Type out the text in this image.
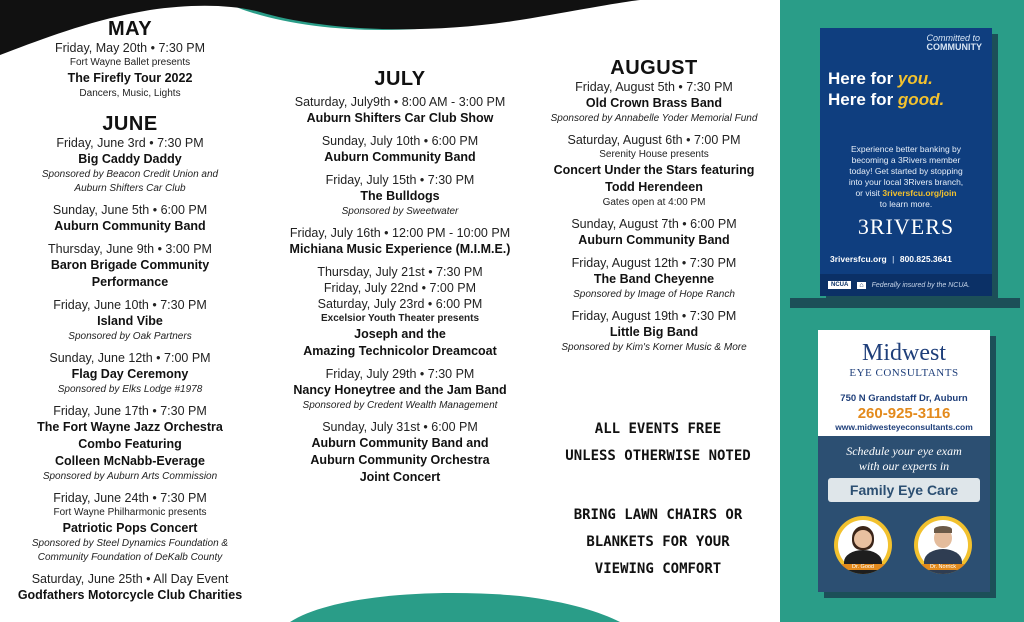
MAY
Friday, May 20th • 7:30 PM
Fort Wayne Ballet presents
The Firefly Tour 2022
Dancers, Music, Lights
JUNE
Friday, June 3rd • 7:30 PM
Big Caddy Daddy
Sponsored by Beacon Credit Union and
Auburn Shifters Car Club
Sunday, June 5th • 6:00 PM
Auburn Community Band
Thursday, June 9th • 3:00 PM
Baron Brigade Community
Performance
Friday, June 10th • 7:30 PM
Island Vibe
Sponsored by Oak Partners
Sunday, June 12th • 7:00 PM
Flag Day Ceremony
Sponsored by Elks Lodge #1978
Friday, June 17th • 7:30 PM
The Fort Wayne Jazz Orchestra
Combo Featuring
Colleen McNabb-Everage
Sponsored by Auburn Arts Commission
Friday, June 24th • 7:30 PM
Fort Wayne Philharmonic presents
Patriotic Pops Concert
Sponsored by Steel Dynamics Foundation &
Community Foundation of DeKalb County
Saturday, June 25th • All Day Event
Godfathers Motorcycle Club Charities
JULY
Saturday, July9th • 8:00 AM - 3:00 PM
Auburn Shifters Car Club Show
Sunday, July 10th • 6:00 PM
Auburn Community Band
Friday, July 15th • 7:30 PM
The Bulldogs
Sponsored by Sweetwater
Friday, July 16th • 12:00 PM - 10:00 PM
Michiana Music Experience (M.I.M.E.)
Thursday, July 21st • 7:30 PM
Friday, July 22nd • 7:00 PM
Saturday, July 23rd • 6:00 PM
Excelsior Youth Theater presents
Joseph and the
Amazing Technicolor Dreamcoat
Friday, July 29th • 7:30 PM
Nancy Honeytree and the Jam Band
Sponsored by Credent Wealth Management
Sunday, July 31st • 6:00 PM
Auburn Community Band and
Auburn Community Orchestra
Joint Concert
AUGUST
Friday, August 5th • 7:30 PM
Old Crown Brass Band
Sponsored by Annabelle Yoder Memorial Fund
Saturday, August 6th • 7:00 PM
Serenity House presents
Concert Under the Stars featuring
Todd Herendeen
Gates open at 4:00 PM
Sunday, August 7th • 6:00 PM
Auburn Community Band
Friday, August 12th • 7:30 PM
The Band Cheyenne
Sponsored by Image of Hope Ranch
Friday, August 19th • 7:30 PM
Little Big Band
Sponsored by Kim's Korner Music & More
ALL EVENTS FREE
UNLESS OTHERWISE NOTED
BRING LAWN CHAIRS OR
BLANKETS FOR YOUR
VIEWING COMFORT
Committed to
COMMUNITY
Here for you.
Here for good.
Experience better banking by
becoming a 3Rivers member
today! Get started by stopping
into your local 3Rivers branch,
or visit 3riversfcu.org/join
to learn more.
3RIVERS
3riversfcu.org | 800.825.3641
NCUA	⌂ Federally insured by the NCUA.
Midwest
EYE CONSULTANTS
750 N Grandstaff Dr, Auburn
260-925-3116
www.midwesteyeconsultants.com
Schedule your eye exam
with our experts in
Family Eye Care
Dr. Good	Dr. Norrick
